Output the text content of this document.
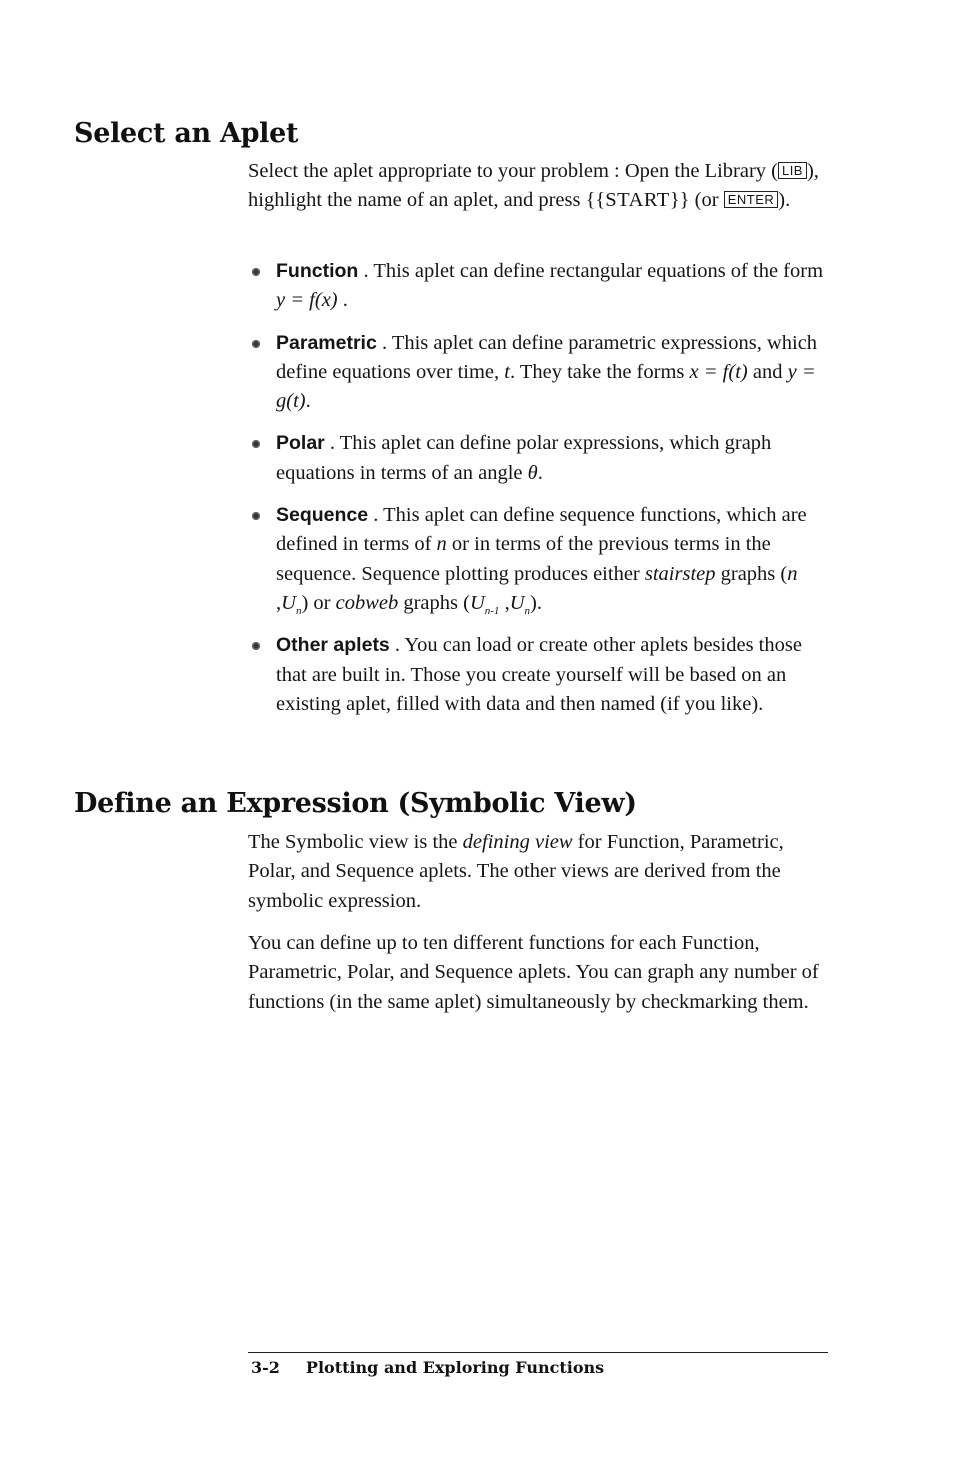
Select an Aplet
Select the aplet appropriate to your problem : Open the Library ( LIB ), highlight the name of an aplet, and press {{START}} (or ENTER ).
Function . This aplet can define rectangular equations of the form y = f(x) .
Parametric . This aplet can define parametric expressions, which define equations over time, t. They take the forms x = f(t) and y = g(t).
Polar . This aplet can define polar expressions, which graph equations in terms of an angle θ.
Sequence . This aplet can define sequence functions, which are defined in terms of n or in terms of the previous terms in the sequence. Sequence plotting produces either stairstep graphs (n $,U_n$) or cobweb graphs ($U_{n-1}$ $,U_n$).
Other aplets . You can load or create other aplets besides those that are built in. Those you create yourself will be based on an existing aplet, filled with data and then named (if you like).
Define an Expression (Symbolic View)
The Symbolic view is the defining view for Function, Parametric, Polar, and Sequence aplets. The other views are derived from the symbolic expression.
You can define up to ten different functions for each Function, Parametric, Polar, and Sequence aplets. You can graph any number of functions (in the same aplet) simultaneously by checkmarking them.
3-2 Plotting and Exploring Functions
